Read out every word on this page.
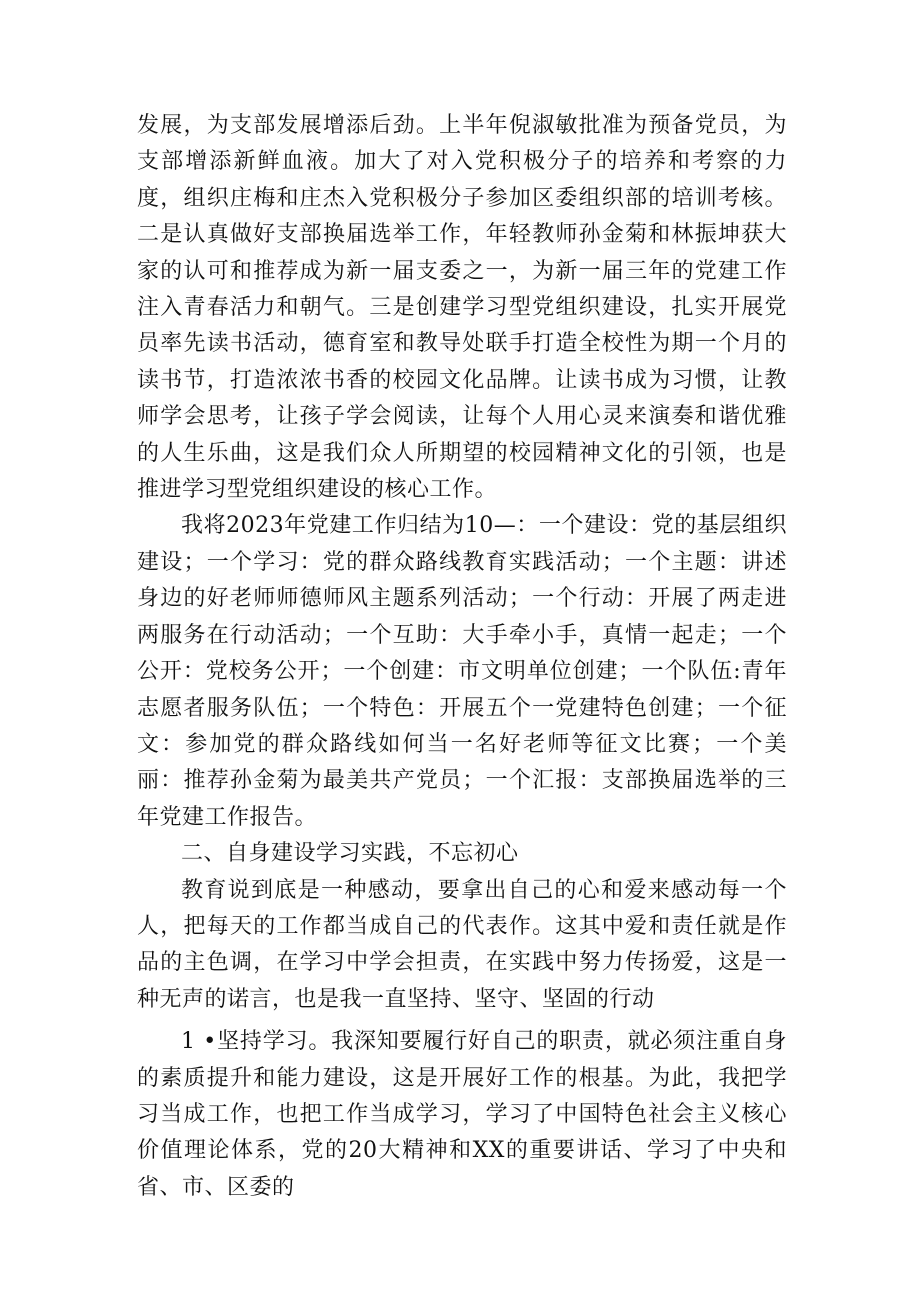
发展，为支部发展增添后劲。上半年倪淑敏批准为预备党员，为支部增添新鲜血液。加大了对入党积极分子的培养和考察的力度，组织庄梅和庄杰入党积极分子参加区委组织部的培训考核。二是认真做好支部换届选举工作，年轻教师孙金菊和林振坤获大家的认可和推荐成为新一届支委之一，为新一届三年的党建工作注入青春活力和朝气。三是创建学习型党组织建设，扎实开展党员率先读书活动，德育室和教导处联手打造全校性为期一个月的读书节，打造浓浓书香的校园文化品牌。让读书成为习惯，让教师学会思考，让孩子学会阅读，让每个人用心灵来演奏和谐优雅的人生乐曲，这是我们众人所期望的校园精神文化的引领，也是推进学习型党组织建设的核心工作。

我将2023年党建工作归结为10—：一个建设：党的基层组织建设；一个学习：党的群众路线教育实践活动；一个主题：讲述身边的好老师师德师风主题系列活动；一个行动：开展了两走进两服务在行动活动；一个互助：大手牵小手，真情一起走；一个公开：党校务公开；一个创建：市文明单位创建；一个队伍:青年志愿者服务队伍；一个特色：开展五个一党建特色创建；一个征文：参加党的群众路线如何当一名好老师等征文比赛；一个美丽：推荐孙金菊为最美共产党员；一个汇报：支部换届选举的三年党建工作报告。

二、自身建设学习实践，不忘初心

教育说到底是一种感动，要拿出自己的心和爱来感动每一个人，把每天的工作都当成自己的代表作。这其中爱和责任就是作品的主色调，在学习中学会担责，在实践中努力传扬爱，这是一种无声的诺言，也是我一直坚持、坚守、坚固的行动

1 •坚持学习。我深知要履行好自己的职责，就必须注重自身的素质提升和能力建设，这是开展好工作的根基。为此，我把学习当成工作，也把工作当成学习，学习了中国特色社会主义核心价值理论体系，党的20大精神和XX的重要讲话、学习了中央和省、市、区委的
